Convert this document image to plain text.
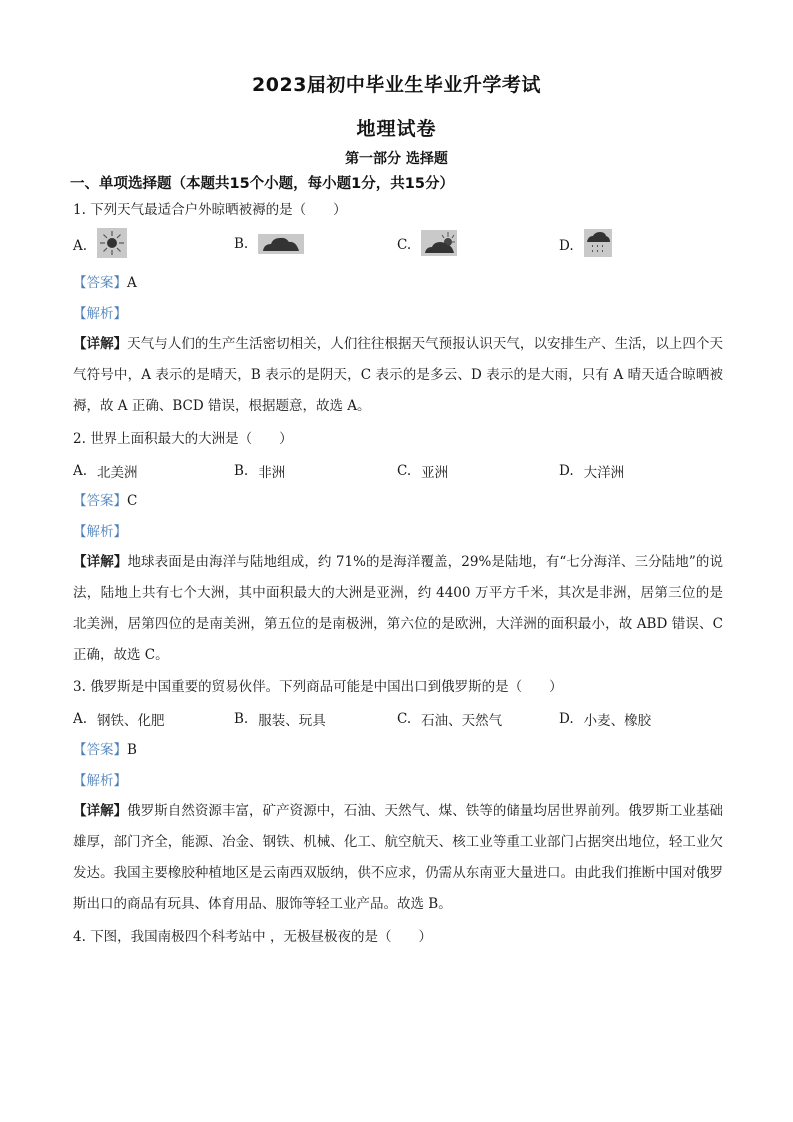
2023届初中毕业生毕业升学考试
地理试卷
第一部分 选择题
一、单项选择题（本题共15个小题，每小题1分，共15分）
1. 下列天气最适合户外晾晒被褥的是（　　）
A.	B.	C.	D.
【答案】A
【解析】
【详解】天气与人们的生产生活密切相关，人们往往根据天气预报认识天气，以安排生产、生活，以上四个天气符号中，A 表示的是晴天，B 表示的是阴天，C 表示的是多云、D 表示的是大雨，只有 A 晴天适合晾晒被褥，故 A 正确、BCD 错误，根据题意，故选 A。
2. 世界上面积最大的大洲是（　　）
A. 北美洲	B. 非洲	C. 亚洲	D. 大洋洲
【答案】C
【解析】
【详解】地球表面是由海洋与陆地组成，约 71%的是海洋覆盖，29%是陆地，有“七分海洋、三分陆地”的说法，陆地上共有七个大洲，其中面积最大的大洲是亚洲，约 4400 万平方千米，其次是非洲，居第三位的是北美洲，居第四位的是南美洲，第五位的是南极洲，第六位的是欧洲，大洋洲的面积最小，故 ABD 错误、C 正确，故选 C。
3. 俄罗斯是中国重要的贸易伙伴。下列商品可能是中国出口到俄罗斯的是（　　）
A. 钢铁、化肥	B. 服装、玩具	C. 石油、天然气	D. 小麦、橡胶
【答案】B
【解析】
【详解】俄罗斯自然资源丰富，矿产资源中，石油、天然气、煤、铁等的储量均居世界前列。俄罗斯工业基础雄厚，部门齐全，能源、冶金、钢铁、机械、化工、航空航天、核工业等重工业部门占据突出地位，轻工业欠发达。我国主要橡胶种植地区是云南西双版纳，供不应求，仍需从东南亚大量进口。由此我们推断中国对俄罗斯出口的商品有玩具、体育用品、服饰等轻工业产品。故选 B。
4. 下图，我国南极四个科考站中 ，无极昼极夜的是（　　）
